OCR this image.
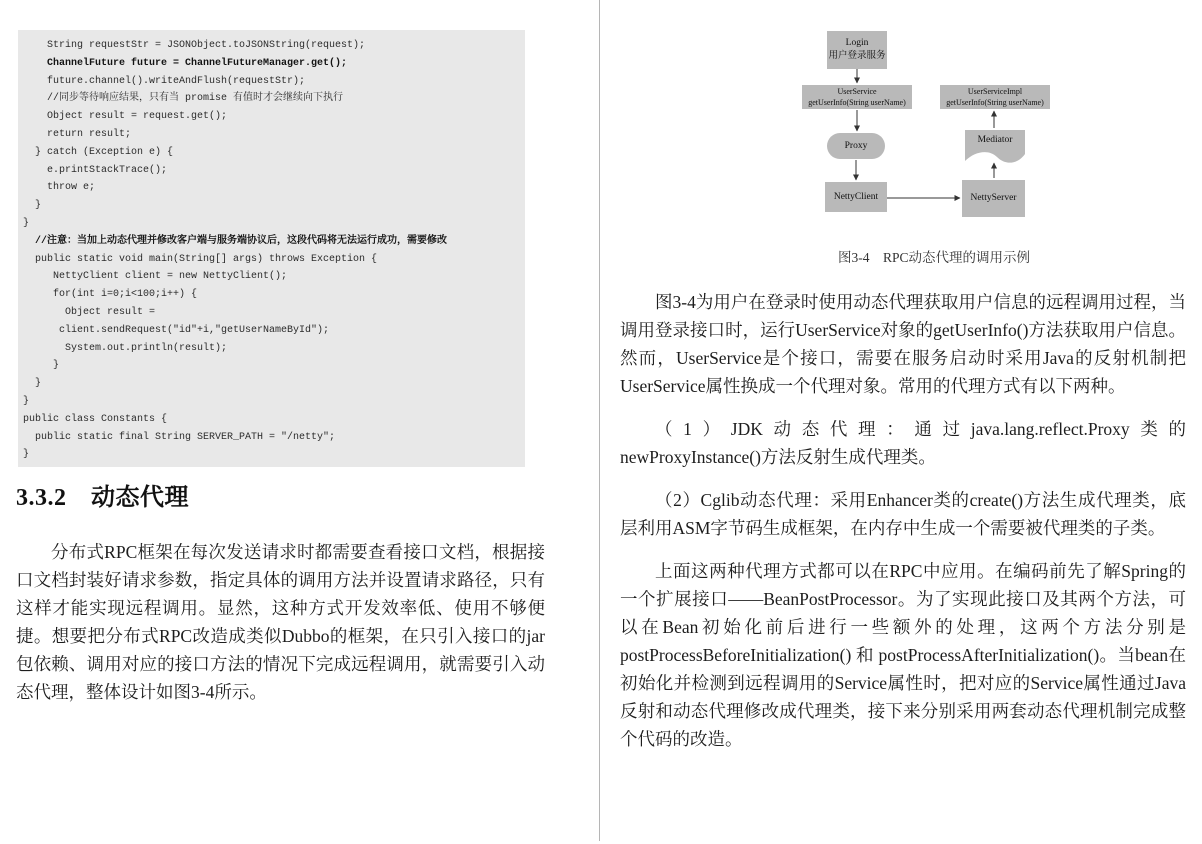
String requestStr = JSONObject.toJSONString(request);
ChannelFuture future = ChannelFutureManager.get();
future.channel().writeAndFlush(requestStr);
//同步等待响应结果，只有当 promise 有值时才会继续向下执行
Object result = request.get();
return result;
} catch (Exception e) {
e.printStackTrace();
throw e;
}
}
//注意：当加上动态代理并修改客户端与服务端协议后，这段代码将无法运行成功，需要修改
public static void main(String[] args) throws Exception {
NettyClient client = new NettyClient();
for(int i=0;i<100;i++) {
Object result =
client.sendRequest("id"+i,"getUserNameById");
System.out.println(result);
}
}
}
public class Constants {
public static final String SERVER_PATH = "/netty";
}
3.3.2　动态代理

分布式RPC框架在每次发送请求时都需要查看接口文档，根据接口文档封装好请求参数，指定具体的调用方法并设置请求路径，只有这样才能实现远程调用。显然，这种方式开发效率低、使用不够便捷。想要把分布式RPC改造成类似Dubbo的框架，在只引入接口的jar包依赖、调用对应的接口方法的情况下完成远程调用，就需要引入动态代理，整体设计如图3-4所示。

Login
用户登录服务
UserService
getUserInfo(String userName)
UserServiceImpl
getUserInfo(String userName)
Proxy
Mediator
NettyClient	NettyServer
图3-4　RPC动态代理的调用示例

图3-4为用户在登录时使用动态代理获取用户信息的远程调用过程，当调用登录接口时，运行UserService对象的getUserInfo()方法获取用户信息。然而，UserService是个接口，需要在服务启动时采用Java的反射机制把UserService属性换成一个代理对象。常用的代理方式有以下两种。

（1）JDK动态代理：通过java.lang.reflect.Proxy类的newProxyInstance()方法反射生成代理类。

（2）Cglib动态代理：采用Enhancer类的create()方法生成代理类，底层利用ASM字节码生成框架，在内存中生成一个需要被代理类的子类。

上面这两种代理方式都可以在RPC中应用。在编码前先了解Spring的一个扩展接口——BeanPostProcessor。为了实现此接口及其两个方法，可以在Bean初始化前后进行一些额外的处理，这两个方法分别是postProcessBeforeInitialization() 和 postProcessAfterInitialization()。当bean在初始化并检测到远程调用的Service属性时，把对应的Service属性通过Java反射和动态代理修改成代理类，接下来分别采用两套动态代理机制完成整个代码的改造。
